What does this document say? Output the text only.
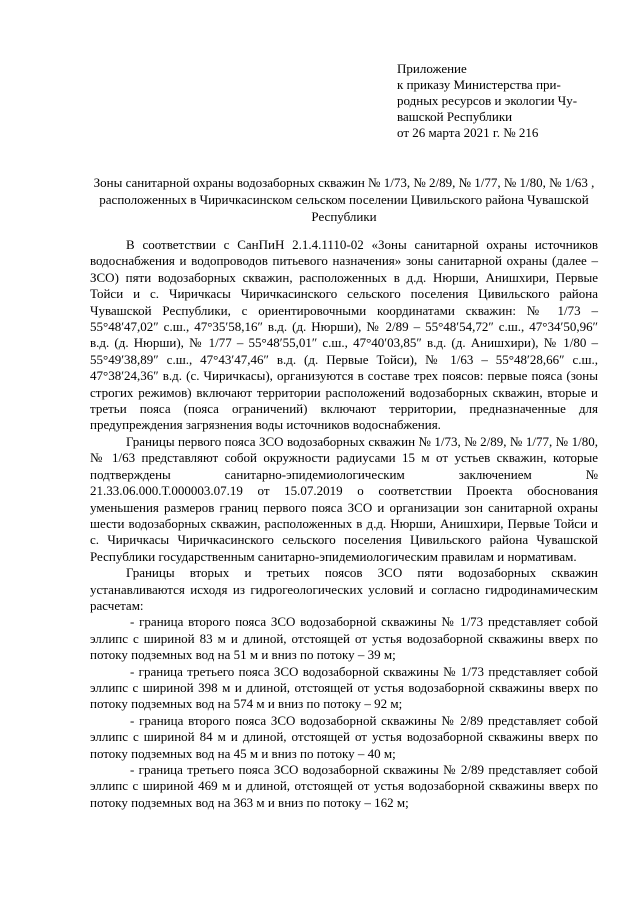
Приложение
к приказу Министерства при-
родных ресурсов и экологии Чу-
вашской Республики
от 26 марта 2021 г. № 216
Зоны санитарной охраны водозаборных скважин № 1/73, № 2/89, № 1/77, № 1/80, № 1/63 , расположенных в Чиричкасинском сельском поселении Цивильского района Чувашской Республики

В соответствии с СанПиН 2.1.4.1110-02 «Зоны санитарной охраны источников водоснабжения и водопроводов питьевого назначения» зоны санитарной охраны (далее – ЗСО) пяти водозаборных скважин, расположенных в д.д. Нюрши, Анишхири, Первые Тойси и с. Чиричкасы Чиричкасинского сельского поселения Цивильского района Чувашской Республики, с ориентировочными координатами скважин: № 1/73 – 55°48′47,02″ с.ш., 47°35′58,16″ в.д. (д. Нюрши), № 2/89 – 55°48′54,72″ с.ш., 47°34′50,96″ в.д. (д. Нюрши), № 1/77 – 55°48′55,01″ с.ш., 47°40′03,85″ в.д. (д. Анишхири), № 1/80 – 55°49′38,89″ с.ш., 47°43′47,46″ в.д. (д. Первые Тойси), № 1/63 – 55°48′28,66″ с.ш., 47°38′24,36″ в.д. (с. Чиричкасы), организуются в составе трех поясов: первые пояса (зоны строгих режимов) включают территории расположений водозаборных скважин, вторые и третьи пояса (пояса ограничений) включают территории, предназначенные для предупреждения загрязнения воды источников водоснабжения.

Границы первого пояса ЗСО водозаборных скважин № 1/73, № 2/89, № 1/77, № 1/80, № 1/63 представляют собой окружности радиусами 15 м от устьев скважин, которые подтверждены санитарно-эпидемиологическим заключением № 21.33.06.000.Т.000003.07.19 от 15.07.2019 о соответствии Проекта обоснования уменьшения размеров границ первого пояса ЗСО и организации зон санитарной охраны шести водозаборных скважин, расположенных в д.д. Нюрши, Анишхири, Первые Тойси и с. Чиричкасы Чиричкасинского сельского поселения Цивильского района Чувашской Республики государственным санитарно-эпидемиологическим правилам и нормативам.

Границы вторых и третьих поясов ЗСО пяти водозаборных скважин устанавливаются исходя из гидрогеологических условий и согласно гидродинамическим расчетам:

- граница второго пояса ЗСО водозаборной скважины № 1/73 представляет собой эллипс с шириной 83 м и длиной, отстоящей от устья водозаборной скважины вверх по потоку подземных вод на 51 м и вниз по потоку – 39 м;

- граница третьего пояса ЗСО водозаборной скважины № 1/73 представляет собой эллипс с шириной 398 м и длиной, отстоящей от устья водозаборной скважины вверх по потоку подземных вод на 574 м и вниз по потоку – 92 м;

- граница второго пояса ЗСО водозаборной скважины № 2/89 представляет собой эллипс с шириной 84 м и длиной, отстоящей от устья водозаборной скважины вверх по потоку подземных вод на 45 м и вниз по потоку – 40 м;

- граница третьего пояса ЗСО водозаборной скважины № 2/89 представляет собой эллипс с шириной 469 м и длиной, отстоящей от устья водозаборной скважины вверх по потоку подземных вод на 363 м и вниз по потоку – 162 м;
